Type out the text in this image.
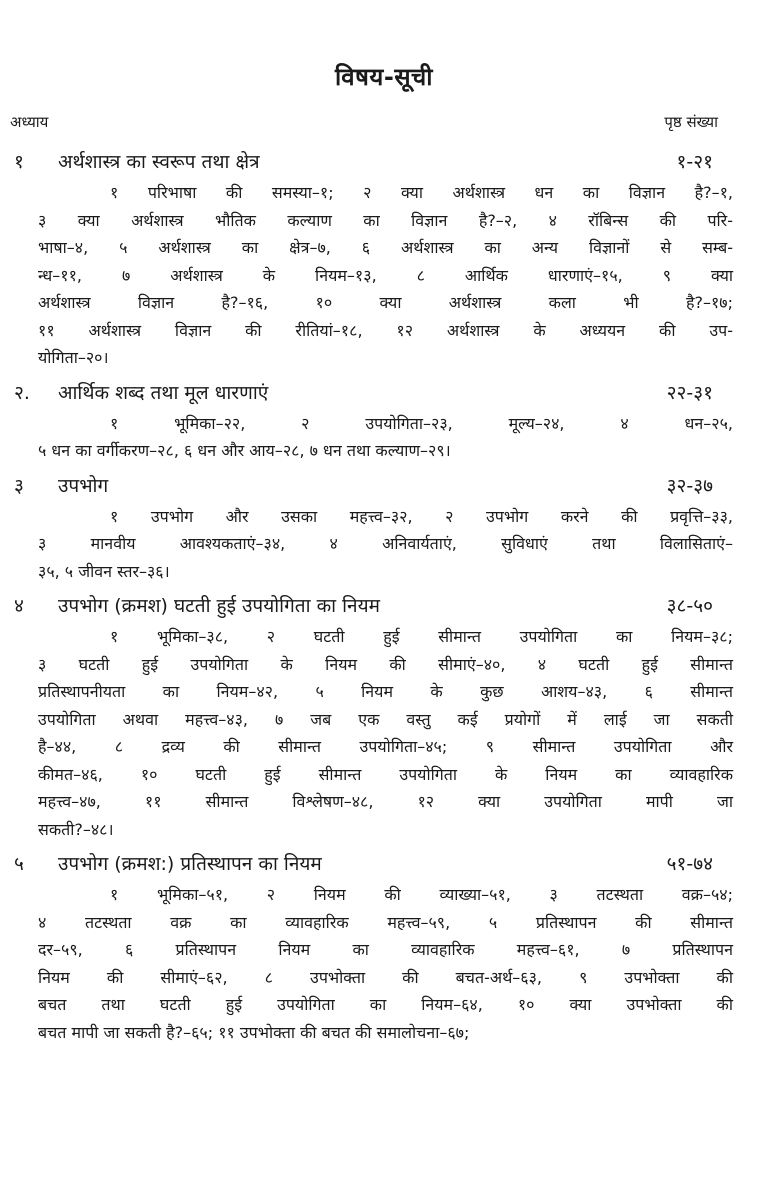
विषय-सूची
अध्याय	पृष्ठ संख्या
१ अर्थशास्त्र का स्वरूप तथा क्षेत्र	१-२१
१ परिभाषा की समस्या–१; २ क्या अर्थशास्त्र धन का विज्ञान है?–१,
३ क्या अर्थशास्त्र भौतिक कल्याण का विज्ञान है?–२, ४ रॉबिन्स की परि-
भाषा–४, ५ अर्थशास्त्र का क्षेत्र–७, ६ अर्थशास्त्र का अन्य विज्ञानों से सम्ब-
न्ध–११, ७ अर्थशास्त्र के नियम–१३, ८ आर्थिक धारणाएं–१५, ९ क्या
अर्थशास्त्र विज्ञान है?–१६, १० क्या अर्थशास्त्र कला भी है?–१७;
११ अर्थशास्त्र विज्ञान की रीतियां–१८, १२ अर्थशास्त्र के अध्ययन की उप-
योगिता–२०।
२. आर्थिक शब्द तथा मूल धारणाएं	२२-३१
१ भूमिका–२२, २ उपयोगिता–२३, मूल्य–२४, ४ धन–२५,
५ धन का वर्गीकरण–२८, ६ धन और आय–२८, ७ धन तथा कल्याण–२९।
३ उपभोग	३२-३७
१ उपभोग और उसका महत्त्व–३२, २ उपभोग करने की प्रवृत्ति–३३,
३ मानवीय आवश्यकताएं–३४, ४ अनिवार्यताएं, सुविधाएं तथा विलासिताएं–
३५, ५ जीवन स्तर–३६।
४ उपभोग (क्रमश) घटती हुई उपयोगिता का नियम	३८-५०
१ भूमिका–३८, २ घटती हुई सीमान्त उपयोगिता का नियम–३८;
३ घटती हुई उपयोगिता के नियम की सीमाएं–४०, ४ घटती हुई सीमान्त
प्रतिस्थापनीयता का नियम–४२, ५ नियम के कुछ आशय–४३, ६ सीमान्त
उपयोगिता अथवा महत्त्व–४३, ७ जब एक वस्तु कई प्रयोगों में लाई जा सकती
है–४४, ८ द्रव्य की सीमान्त उपयोगिता–४५; ९ सीमान्त उपयोगिता और
कीमत–४६, १० घटती हुई सीमान्त उपयोगिता के नियम का व्यावहारिक
महत्त्व–४७, ११ सीमान्त विश्लेषण–४८, १२ क्या उपयोगिता मापी जा
सकती?–४८।
५ उपभोग (क्रमश:) प्रतिस्थापन का नियम	५१-७४
१ भूमिका–५१, २ नियम की व्याख्या–५१, ३ तटस्थता वक्र–५४;
४ तटस्थता वक्र का व्यावहारिक महत्त्व–५९, ५ प्रतिस्थापन की सीमान्त
दर–५९, ६ प्रतिस्थापन नियम का व्यावहारिक महत्त्व–६१, ७ प्रतिस्थापन
नियम की सीमाएं–६२, ८ उपभोक्ता की बचत-अर्थ–६३, ९ उपभोक्ता की
बचत तथा घटती हुई उपयोगिता का नियम–६४, १० क्या उपभोक्ता की
बचत मापी जा सकती है?–६५; ११ उपभोक्ता की बचत की समालोचना–६७;
